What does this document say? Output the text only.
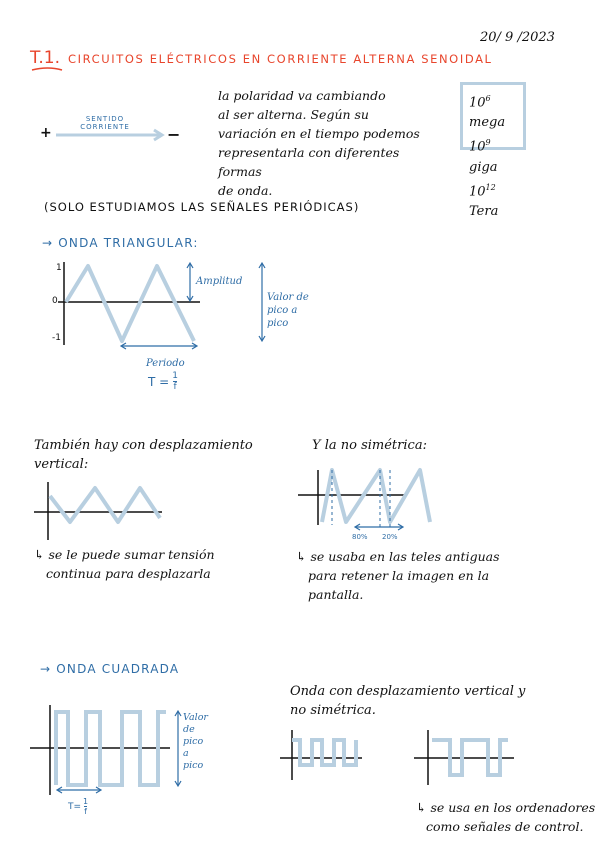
20/ 9 /2023
T.1. CIRCUITOS ELÉCTRICOS EN CORRIENTE ALTERNA SENOIDAL
+	−
SENTIDO
CORRIENTE
la polaridad va cambiando
al ser alterna. Según su
variación en el tiempo podemos
representarla con diferentes formas
de onda.
$10^6$ mega
$10^9$ giga
$10^{12}$ Tera
(SOLO ESTUDIAMOS LAS SEÑALES PERIÓDICAS)
→ ONDA TRIANGULAR:
1
0
-1
Amplitud
Valor de
pico a
pico
Periodo
$T = \frac{1}{f}$
También hay con desplazamiento
vertical:
↳ se le puede sumar tensión
continua para desplazarla
Y la no simétrica:
80% 20%
↳ se usaba en las teles antiguas
para retener la imagen en la
pantalla.
→ ONDA CUADRADA
Valor
de
pico
a
pico
$T= \frac{1}{f}$
Onda con desplazamiento vertical y
no simétrica.
↳ se usa en los ordenadores
como señales de control.
